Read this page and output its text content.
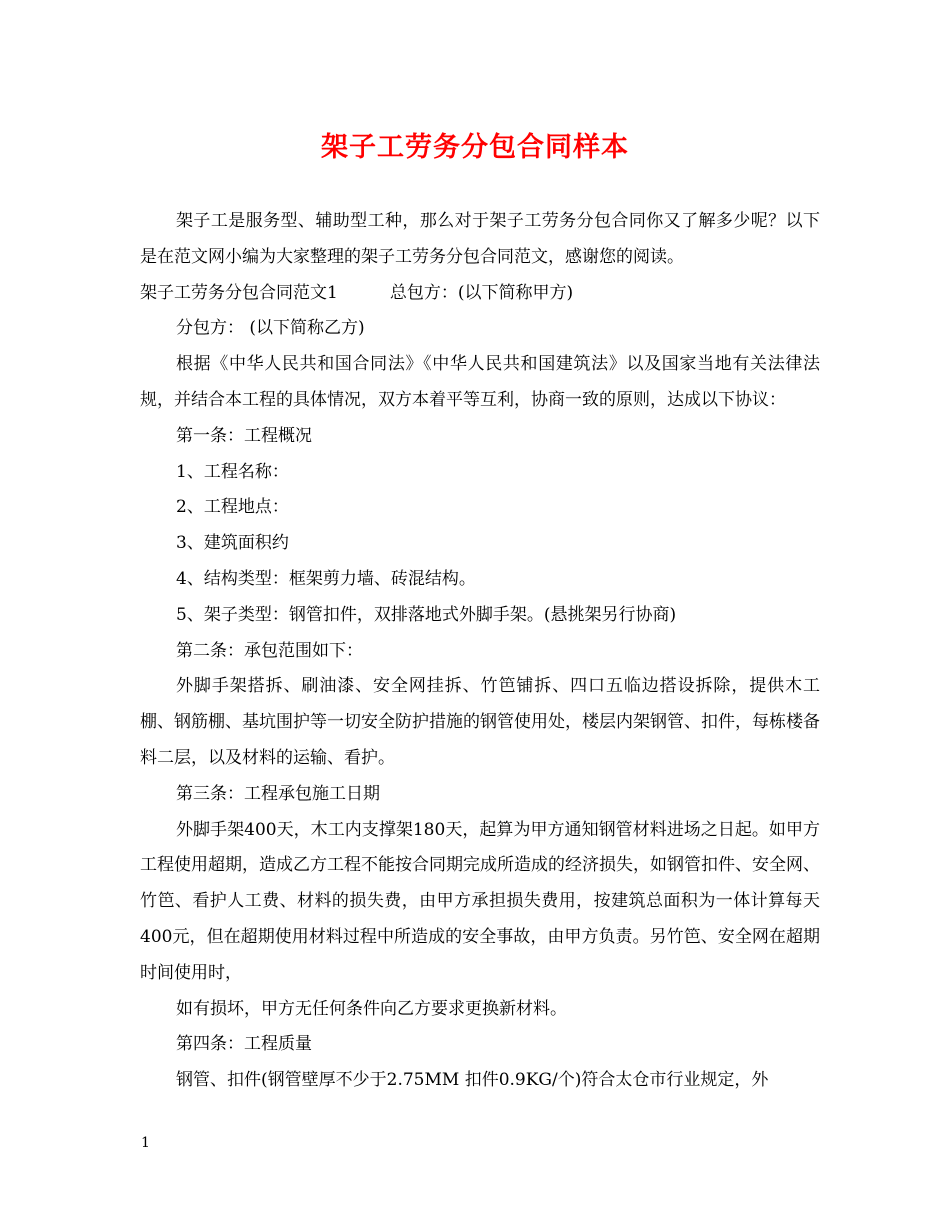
架子工劳务分包合同样本

架子工是服务型、辅助型工种，那么对于架子工劳务分包合同你又了解多少呢？以下是在范文网小编为大家整理的架子工劳务分包合同范文，感谢您的阅读。

架子工劳务分包合同范文1	总包方：(以下简称甲方)

分包方： (以下简称乙方)

根据《中华人民共和国合同法》《中华人民共和国建筑法》以及国家当地有关法律法规，并结合本工程的具体情况，双方本着平等互利，协商一致的原则，达成以下协议：

第一条：工程概况

1、工程名称：

2、工程地点：

3、建筑面积约

4、结构类型：框架剪力墙、砖混结构。

5、架子类型：钢管扣件，双排落地式外脚手架。(悬挑架另行协商)

第二条：承包范围如下：

外脚手架搭拆、刷油漆、安全网挂拆、竹笆铺拆、四口五临边搭设拆除，提供木工棚、钢筋棚、基坑围护等一切安全防护措施的钢管使用处，楼层内架钢管、扣件，每栋楼备料二层，以及材料的运输、看护。

第三条：工程承包施工日期

外脚手架400天，木工内支撑架180天，起算为甲方通知钢管材料进场之日起。如甲方工程使用超期，造成乙方工程不能按合同期完成所造成的经济损失，如钢管扣件、安全网、竹笆、看护人工费、材料的损失费，由甲方承担损失费用，按建筑总面积为一体计算每天400元，但在超期使用材料过程中所造成的安全事故，由甲方负责。另竹笆、安全网在超期时间使用时，

如有损坏，甲方无任何条件向乙方要求更换新材料。

第四条：工程质量

钢管、扣件(钢管壁厚不少于2.75MM 扣件0.9KG/个)符合太仓市行业规定，外

1
